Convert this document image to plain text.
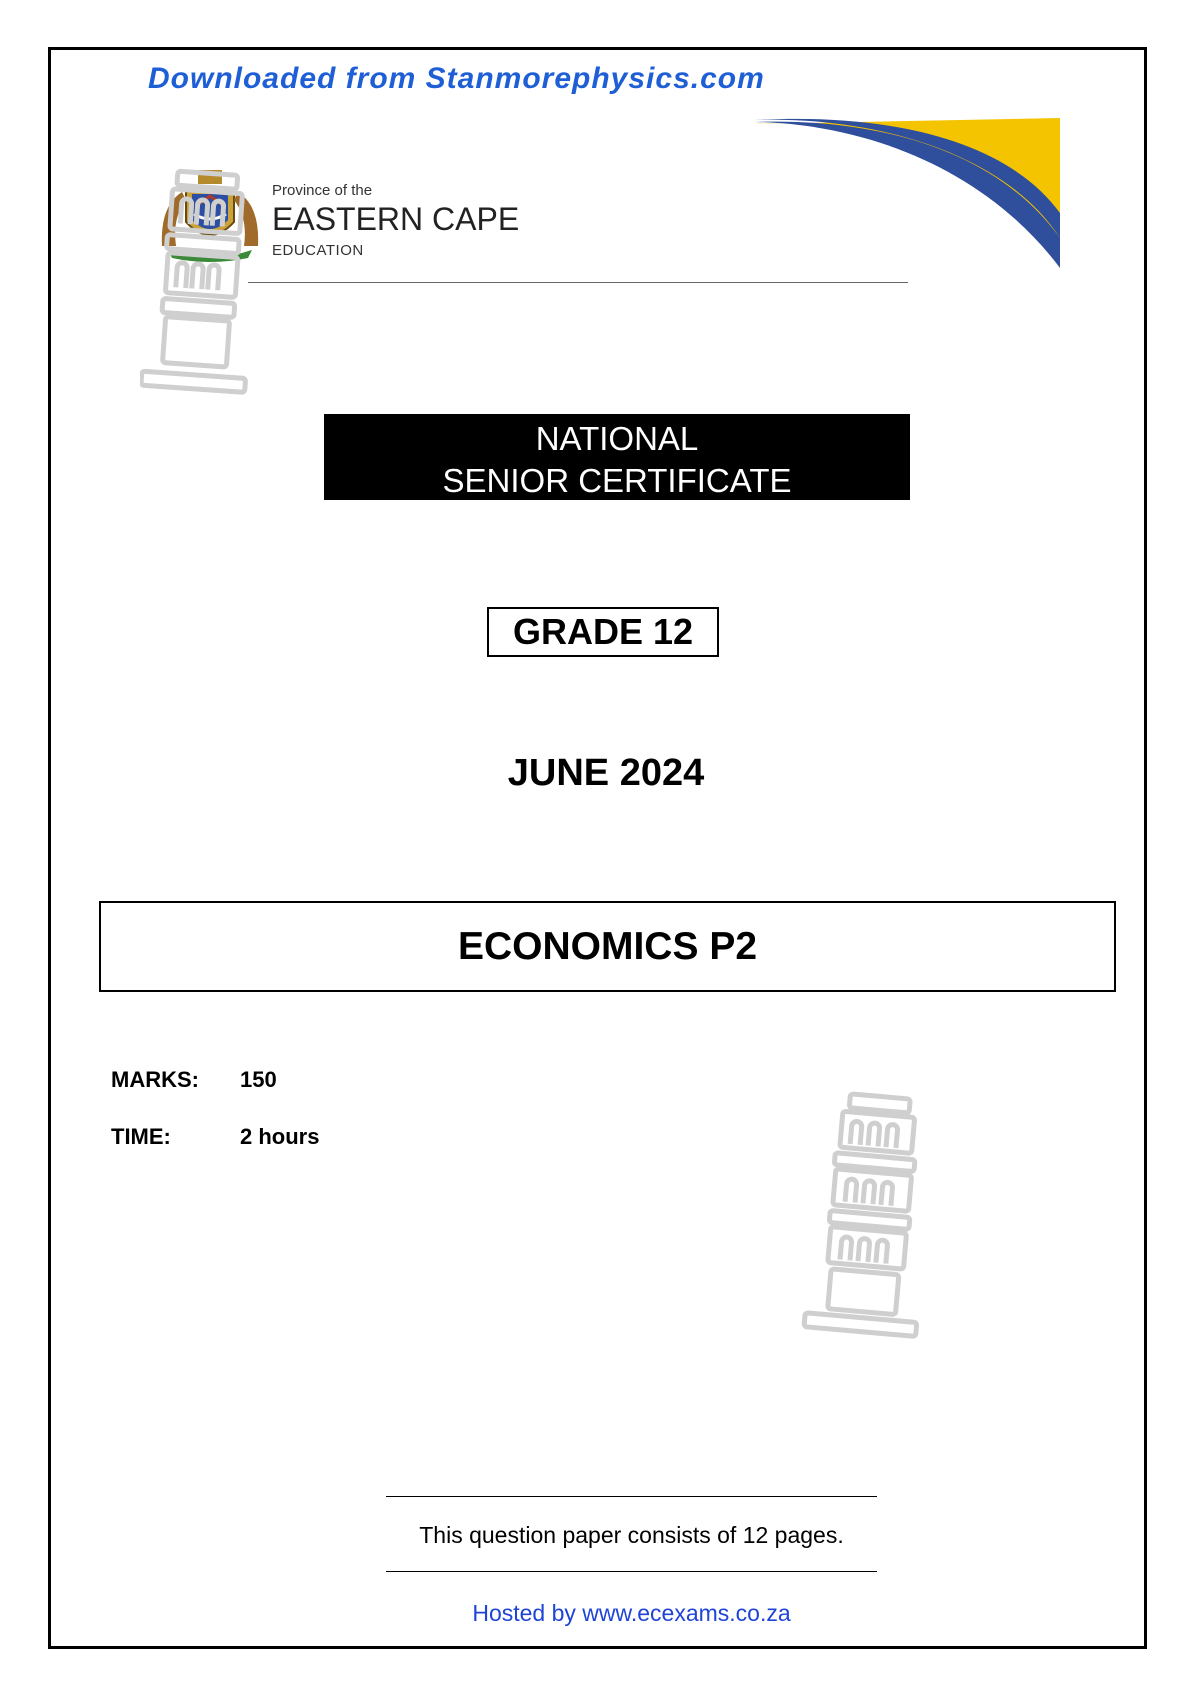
Downloaded from Stanmorephysics.com
Province of the
EASTERN CAPE
EDUCATION
NATIONAL
SENIOR CERTIFICATE
GRADE 12
JUNE 2024
ECONOMICS P2
MARKS: 150
TIME:	2 hours
This question paper consists of 12 pages.
Hosted by www.ecexams.co.za
